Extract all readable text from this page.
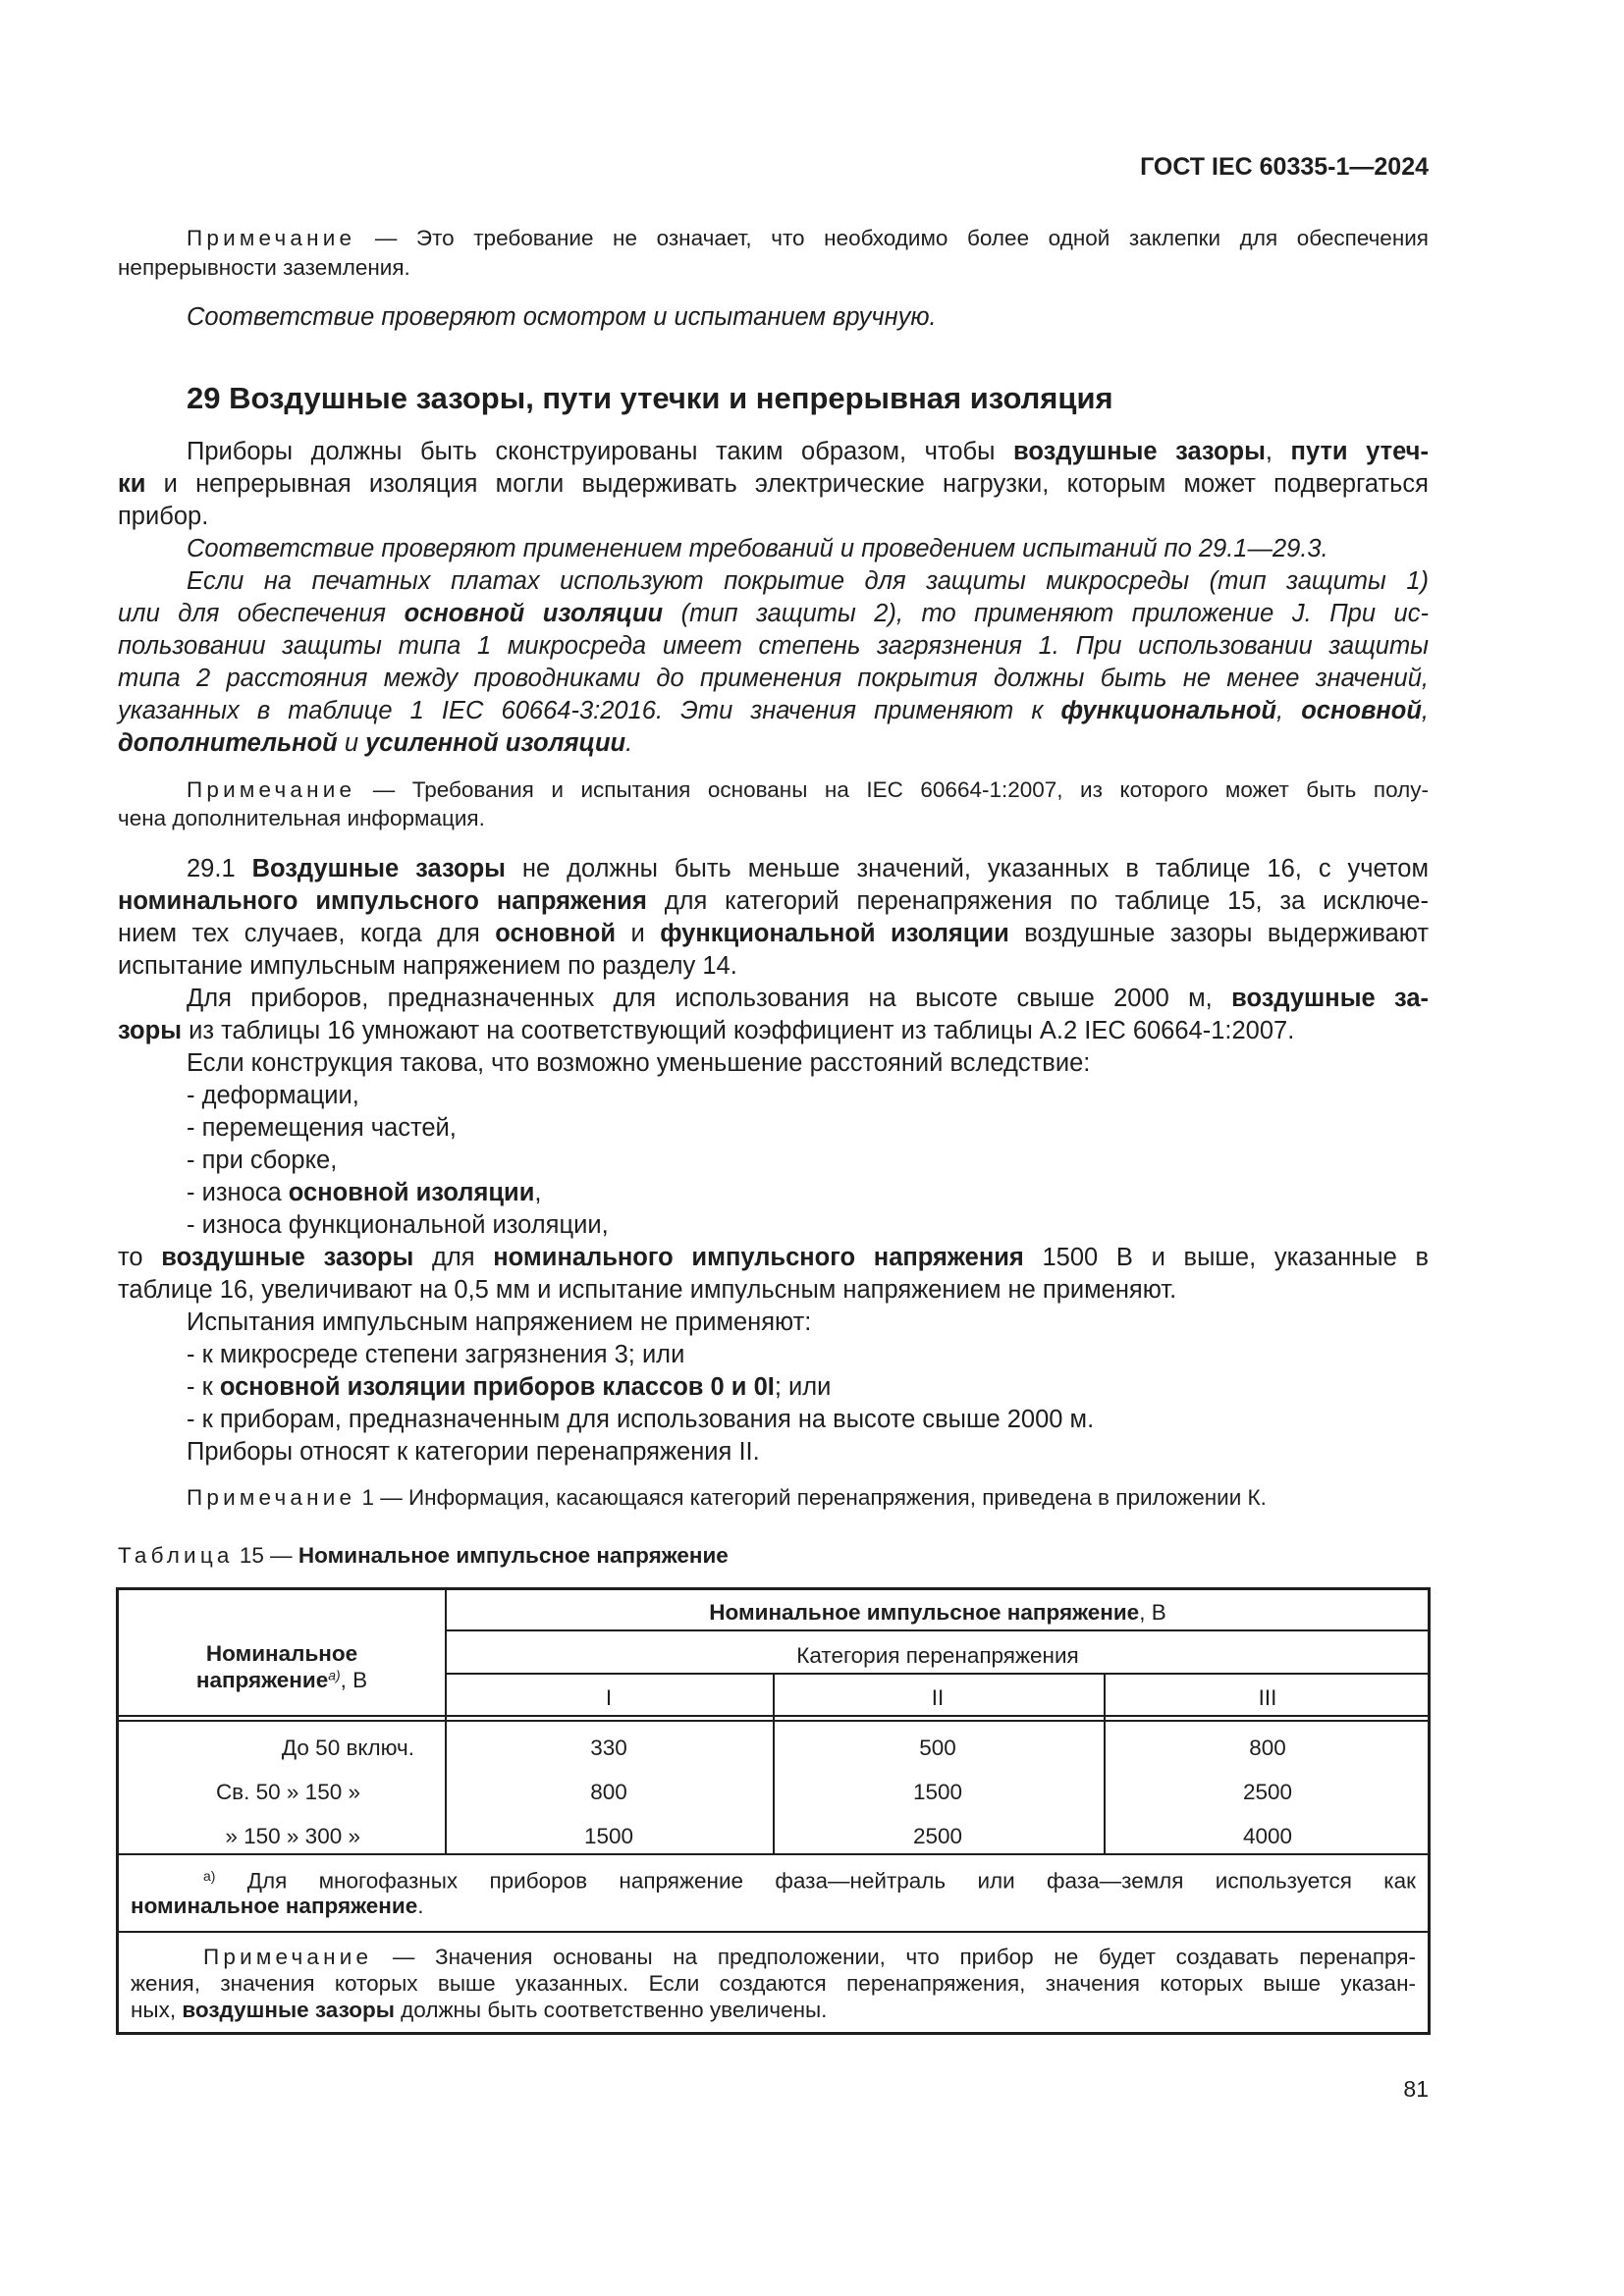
ГОСТ IEC 60335-1—2024
29 Воздушные зазоры, пути утечки и непрерывная изоляция
Примечание — Это требование не означает, что необходимо более одной заклепки для обеспечения
непрерывности заземления.
Соответствие проверяют осмотром и испытанием вручную.
Приборы должны быть сконструированы таким образом, чтобы воздушные зазоры, пути утеч-
ки и непрерывная изоляция могли выдерживать электрические нагрузки, которым может подвергаться
прибор.
Соответствие проверяют применением требований и проведением испытаний по 29.1—29.3.
Если на печатных платах используют покрытие для защиты микросреды (тип защиты 1)
или для обеспечения основной изоляции (тип защиты 2), то применяют приложение J. При ис-
пользовании защиты типа 1 микросреда имеет степень загрязнения 1. При использовании защиты
типа 2 расстояния между проводниками до применения покрытия должны быть не менее значений,
указанных в таблице 1 IEC 60664-3:2016. Эти значения применяют к функциональной, основной,
дополнительной и усиленной изоляции.
Примечание — Требования и испытания основаны на IEC 60664-1:2007, из которого может быть полу-
чена дополнительная информация.
29.1 Воздушные зазоры не должны быть меньше значений, указанных в таблице 16, с учетом
номинального импульсного напряжения для категорий перенапряжения по таблице 15, за исключе-
нием тех случаев, когда для основной и функциональной изоляции воздушные зазоры выдерживают
испытание импульсным напряжением по разделу 14.
Для приборов, предназначенных для использования на высоте свыше 2000 м, воздушные за-
зоры из таблицы 16 умножают на соответствующий коэффициент из таблицы А.2 IEC 60664-1:2007.
Если конструкция такова, что возможно уменьшение расстояний вследствие:
- деформации,
- перемещения частей,
- при сборке,
- износа основной изоляции,
- износа функциональной изоляции,
то воздушные зазоры для номинального импульсного напряжения 1500 В и выше, указанные в
таблице 16, увеличивают на 0,5 мм и испытание импульсным напряжением не применяют.
Испытания импульсным напряжением не применяют:
- к микросреде степени загрязнения 3; или
- к основной изоляции приборов классов 0 и 0I; или
- к приборам, предназначенным для использования на высоте свыше 2000 м.
Приборы относят к категории перенапряжения II.
Примечание 1 — Информация, касающаяся категорий перенапряжения, приведена в приложении К.
Таблица 15 — Номинальное импульсное напряжение
Номинальное
напряжение$^{а)}$, В
Номинальное импульсное напряжение, В
Категория перенапряжения
I	II	III
До 50 включ.	330	500	800
Св. 50 » 150 »	800	1500	2500
» 150 » 300 »	1500	2500	4000
$^{а)}$ Для многофазных приборов напряжение фаза—нейтраль или фаза—земля используется как
номинальное напряжение.
Примечание — Значения основаны на предположении, что прибор не будет создавать перенапря-
жения, значения которых выше указанных. Если создаются перенапряжения, значения которых выше указан-
ных, воздушные зазоры должны быть соответственно увеличены.
81
